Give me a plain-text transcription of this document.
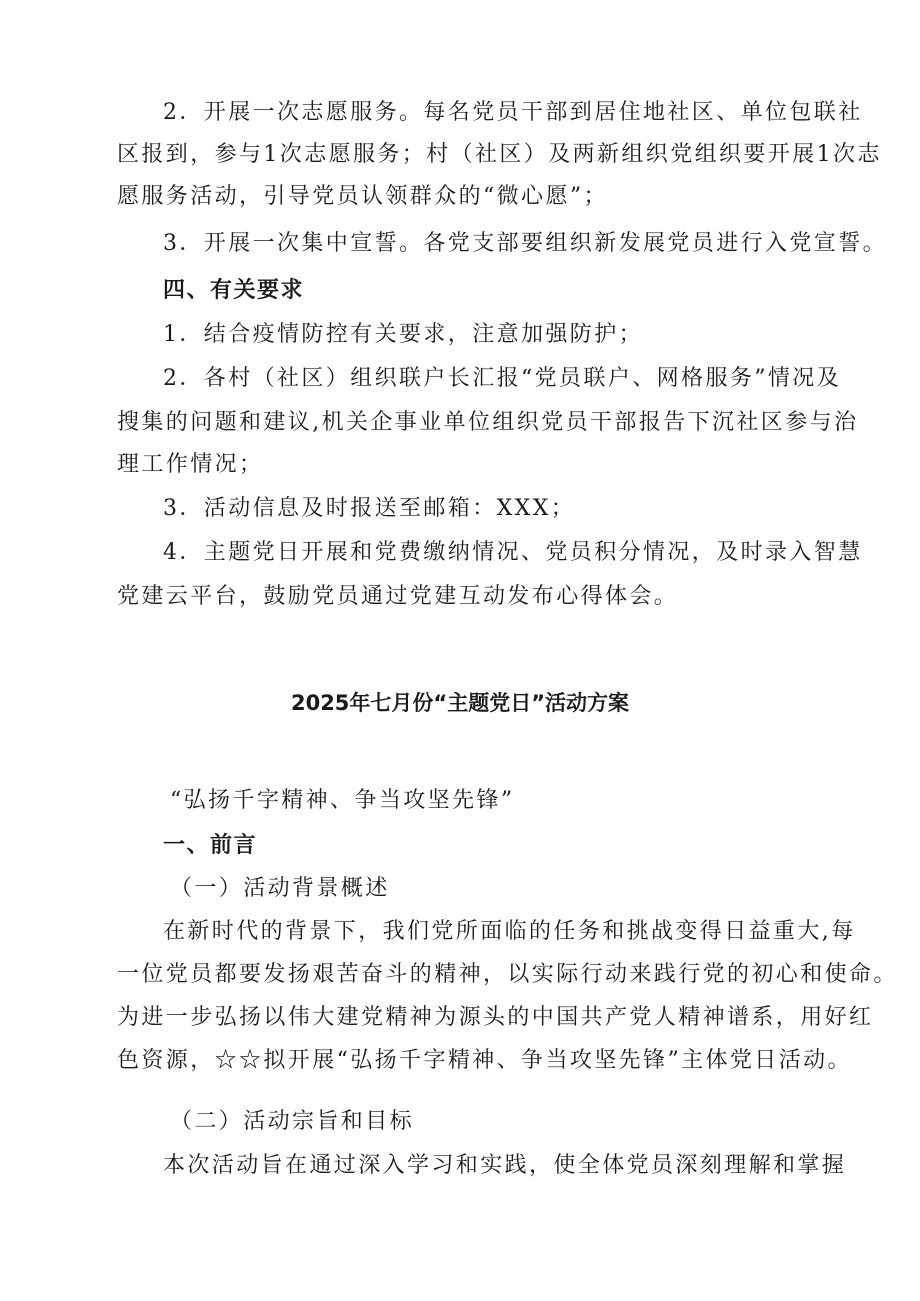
2．开展一次志愿服务。每名党员干部到居住地社区、单位包联社
区报到，参与1次志愿服务；村（社区）及两新组织党组织要开展1次志
愿服务活动，引导党员认领群众的“微心愿”；
3．开展一次集中宣誓。各党支部要组织新发展党员进行入党宣誓。
四、有关要求
1．结合疫情防控有关要求，注意加强防护；
2．各村（社区）组织联户长汇报“党员联户、网格服务”情况及
搜集的问题和建议,机关企事业单位组织党员干部报告下沉社区参与治
理工作情况；
3．活动信息及时报送至邮箱：XXX；
4．主题党日开展和党费缴纳情况、党员积分情况，及时录入智慧
党建云平台，鼓励党员通过党建互动发布心得体会。
2025年七月份“主题党日”活动方案
“弘扬千字精神、争当攻坚先锋”
一、前言
（一）活动背景概述
在新时代的背景下，我们党所面临的任务和挑战变得日益重大,每
一位党员都要发扬艰苦奋斗的精神，以实际行动来践行党的初心和使命。
为进一步弘扬以伟大建党精神为源头的中国共产党人精神谱系，用好红
色资源，☆☆拟开展“弘扬千字精神、争当攻坚先锋”主体党日活动。
（二）活动宗旨和目标
本次活动旨在通过深入学习和实践，使全体党员深刻理解和掌握
